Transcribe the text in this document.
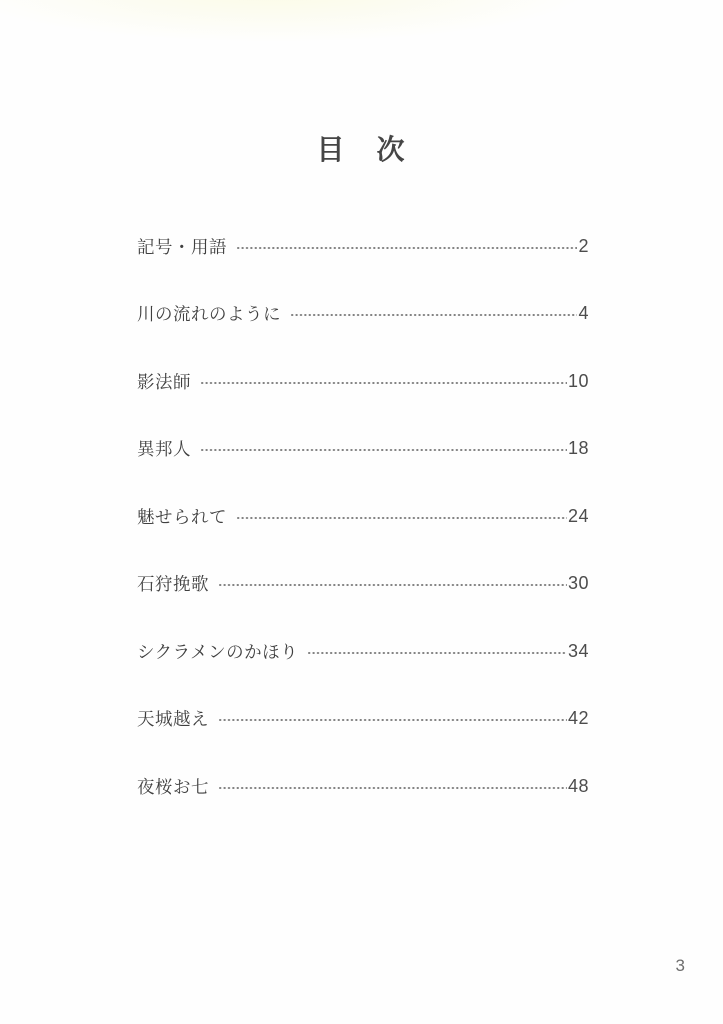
目　次
記号・用語	2
川の流れのように	4
影法師	10
異邦人	18
魅せられて	24
石狩挽歌	30
シクラメンのかほり	34
天城越え	42
夜桜お七	48
3
